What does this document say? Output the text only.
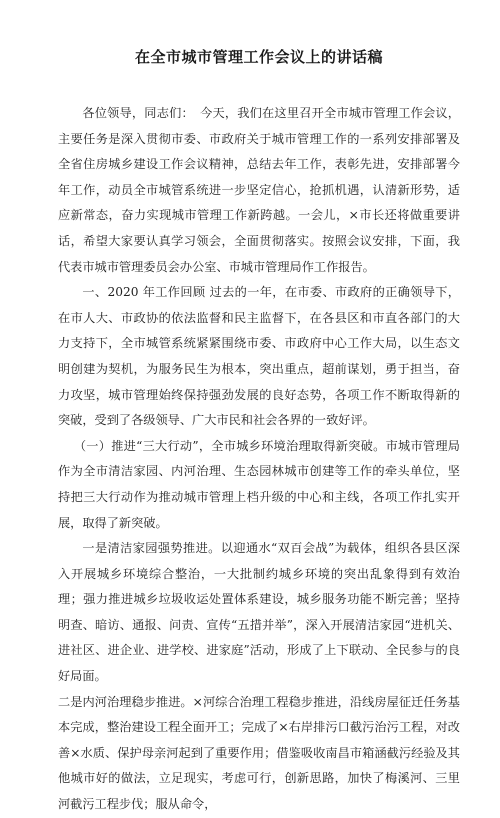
在全市城市管理工作会议上的讲话稿

各位领导，同志们：　今天，我们在这里召开全市城市管理工作会议，主要任务是深入贯彻市委、市政府关于城市管理工作的一系列安排部署及全省住房城乡建设工作会议精神，总结去年工作，表彰先进，安排部署今年工作，动员全市城管系统进一步坚定信心，抢抓机遇，认清新形势，适应新常态，奋力实现城市管理工作新跨越。一会儿，×市长还将做重要讲话，希望大家要认真学习领会，全面贯彻落实。按照会议安排，下面，我代表市城市管理委员会办公室、市城市管理局作工作报告。

一、2020 年工作回顾 过去的一年，在市委、市政府的正确领导下，在市人大、市政协的依法监督和民主监督下，在各县区和市直各部门的大力支持下，全市城管系统紧紧围绕市委、市政府中心工作大局，以生态文明创建为契机，为服务民生为根本，突出重点，超前谋划，勇于担当，奋力攻坚，城市管理始终保持强劲发展的良好态势，各项工作不断取得新的突破，受到了各级领导、广大市民和社会各界的一致好评。

（一）推进“三大行动”，全市城乡环境治理取得新突破。市城市管理局作为全市清洁家园、内河治理、生态园林城市创建等工作的牵头单位，坚持把三大行动作为推动城市管理上档升级的中心和主线，各项工作扎实开展，取得了新突破。

一是清洁家园强势推进。以迎通水“双百会战”为载体，组织各县区深入开展城乡环境综合整治，一大批制约城乡环境的突出乱象得到有效治理；强力推进城乡垃圾收运处置体系建设，城乡服务功能不断完善；坚持明查、暗访、通报、问责、宣传“五措并举”，深入开展清洁家园“进机关、进社区、进企业、进学校、进家庭”活动，形成了上下联动、全民参与的良好局面。

二是内河治理稳步推进。×河综合治理工程稳步推进，沿线房屋征迁任务基本完成，整治建设工程全面开工；完成了×右岸排污口截污治污工程，对改善×水质、保护母亲河起到了重要作用；借鉴吸收南昌市箱涵截污经验及其他城市好的做法，立足现实，考虑可行，创新思路，加快了梅溪河、三里河截污工程步伐；服从命令，
